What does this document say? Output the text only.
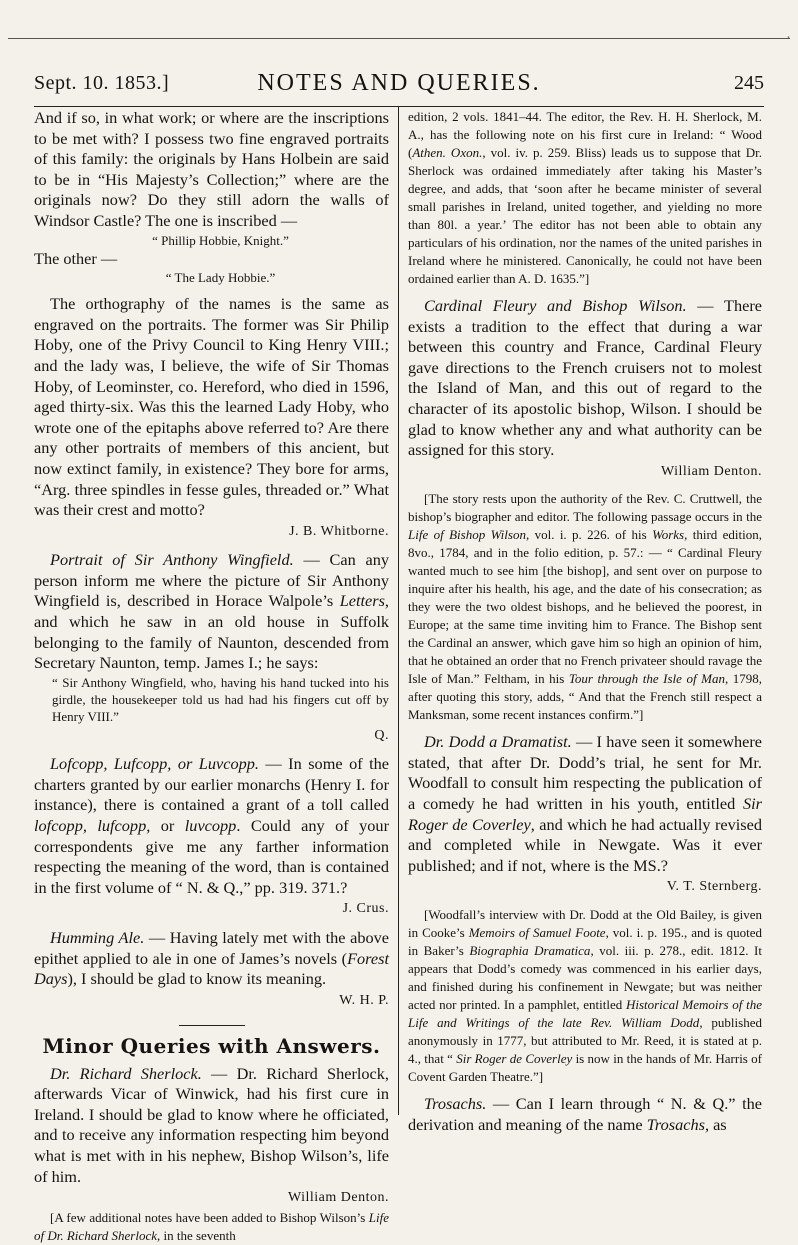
·
Sept. 10. 1853.]	NOTES AND QUERIES.	245

And if so, in what work; or where are the inscriptions to be met with? I possess two fine engraved portraits of this family: the originals by Hans Holbein are said to be in “His Majesty’s Collection;” where are the originals now? Do they still adorn the walls of Windsor Castle? The one is inscribed —

“ Phillip Hobbie, Knight.”

The other —

“ The Lady Hobbie.”

The orthography of the names is the same as engraved on the portraits. The former was Sir Philip Hoby, one of the Privy Council to King Henry VIII.; and the lady was, I believe, the wife of Sir Thomas Hoby, of Leominster, co. Hereford, who died in 1596, aged thirty-six. Was this the learned Lady Hoby, who wrote one of the epitaphs above referred to? Are there any other portraits of members of this ancient, but now extinct family, in existence? They bore for arms, “Arg. three spindles in fesse gules, threaded or.” What was their crest and motto?

J. B. Whitborne.

Portrait of Sir Anthony Wingfield. — Can any person inform me where the picture of Sir Anthony Wingfield is, described in Horace Walpole’s Letters, and which he saw in an old house in Suffolk belonging to the family of Naunton, descended from Secretary Naunton, temp. James I.; he says:

“ Sir Anthony Wingfield, who, having his hand tucked into his girdle, the housekeeper told us had had his fingers cut off by Henry VIII.”

Q.

Lofcopp, Lufcopp, or Luvcopp. — In some of the charters granted by our earlier monarchs (Henry I. for instance), there is contained a grant of a toll called lofcopp, lufcopp, or luvcopp. Could any of your correspondents give me any farther information respecting the meaning of the word, than is contained in the first volume of “ N. & Q.,” pp. 319. 371.?

J. Crus.

Humming Ale. — Having lately met with the above epithet applied to ale in one of James’s novels (Forest Days), I should be glad to know its meaning.

W. H. P.

Minor Queries with Answers.

Dr. Richard Sherlock. — Dr. Richard Sherlock, afterwards Vicar of Winwick, had his first cure in Ireland. I should be glad to know where he officiated, and to receive any information respecting him beyond what is met with in his nephew, Bishop Wilson’s, life of him.

William Denton.

[A few additional notes have been added to Bishop Wilson’s Life of Dr. Richard Sherlock, in the seventh

edition, 2 vols. 1841–44. The editor, the Rev. H. H. Sherlock, M. A., has the following note on his first cure in Ireland: “ Wood (Athen. Oxon., vol. iv. p. 259. Bliss) leads us to suppose that Dr. Sherlock was ordained immediately after taking his Master’s degree, and adds, that ‘soon after he became minister of several small parishes in Ireland, united together, and yielding no more than 80l. a year.’ The editor has not been able to obtain any particulars of his ordination, nor the names of the united parishes in Ireland where he ministered. Canonically, he could not have been ordained earlier than A. D. 1635.”]

Cardinal Fleury and Bishop Wilson. — There exists a tradition to the effect that during a war between this country and France, Cardinal Fleury gave directions to the French cruisers not to molest the Island of Man, and this out of regard to the character of its apostolic bishop, Wilson. I should be glad to know whether any and what authority can be assigned for this story.

William Denton.

[The story rests upon the authority of the Rev. C. Cruttwell, the bishop’s biographer and editor. The following passage occurs in the Life of Bishop Wilson, vol. i. p. 226. of his Works, third edition, 8vo., 1784, and in the folio edition, p. 57.: — “ Cardinal Fleury wanted much to see him [the bishop], and sent over on purpose to inquire after his health, his age, and the date of his consecration; as they were the two oldest bishops, and he believed the poorest, in Europe; at the same time inviting him to France. The Bishop sent the Cardinal an answer, which gave him so high an opinion of him, that he obtained an order that no French privateer should ravage the Isle of Man.” Feltham, in his Tour through the Isle of Man, 1798, after quoting this story, adds, “ And that the French still respect a Manksman, some recent instances confirm.”]

Dr. Dodd a Dramatist. — I have seen it somewhere stated, that after Dr. Dodd’s trial, he sent for Mr. Woodfall to consult him respecting the publication of a comedy he had written in his youth, entitled Sir Roger de Coverley, and which he had actually revised and completed while in Newgate. Was it ever published; and if not, where is the MS.?

V. T. Sternberg.

[Woodfall’s interview with Dr. Dodd at the Old Bailey, is given in Cooke’s Memoirs of Samuel Foote, vol. i. p. 195., and is quoted in Baker’s Biographia Dramatica, vol. iii. p. 278., edit. 1812. It appears that Dodd’s comedy was commenced in his earlier days, and finished during his confinement in Newgate; but was neither acted nor printed. In a pamphlet, entitled Historical Memoirs of the Life and Writings of the late Rev. William Dodd, published anonymously in 1777, but attributed to Mr. Reed, it is stated at p. 4., that “ Sir Roger de Coverley is now in the hands of Mr. Harris of Covent Garden Theatre.”]

Trosachs. — Can I learn through “ N. & Q.” the derivation and meaning of the name Trosachs, as
